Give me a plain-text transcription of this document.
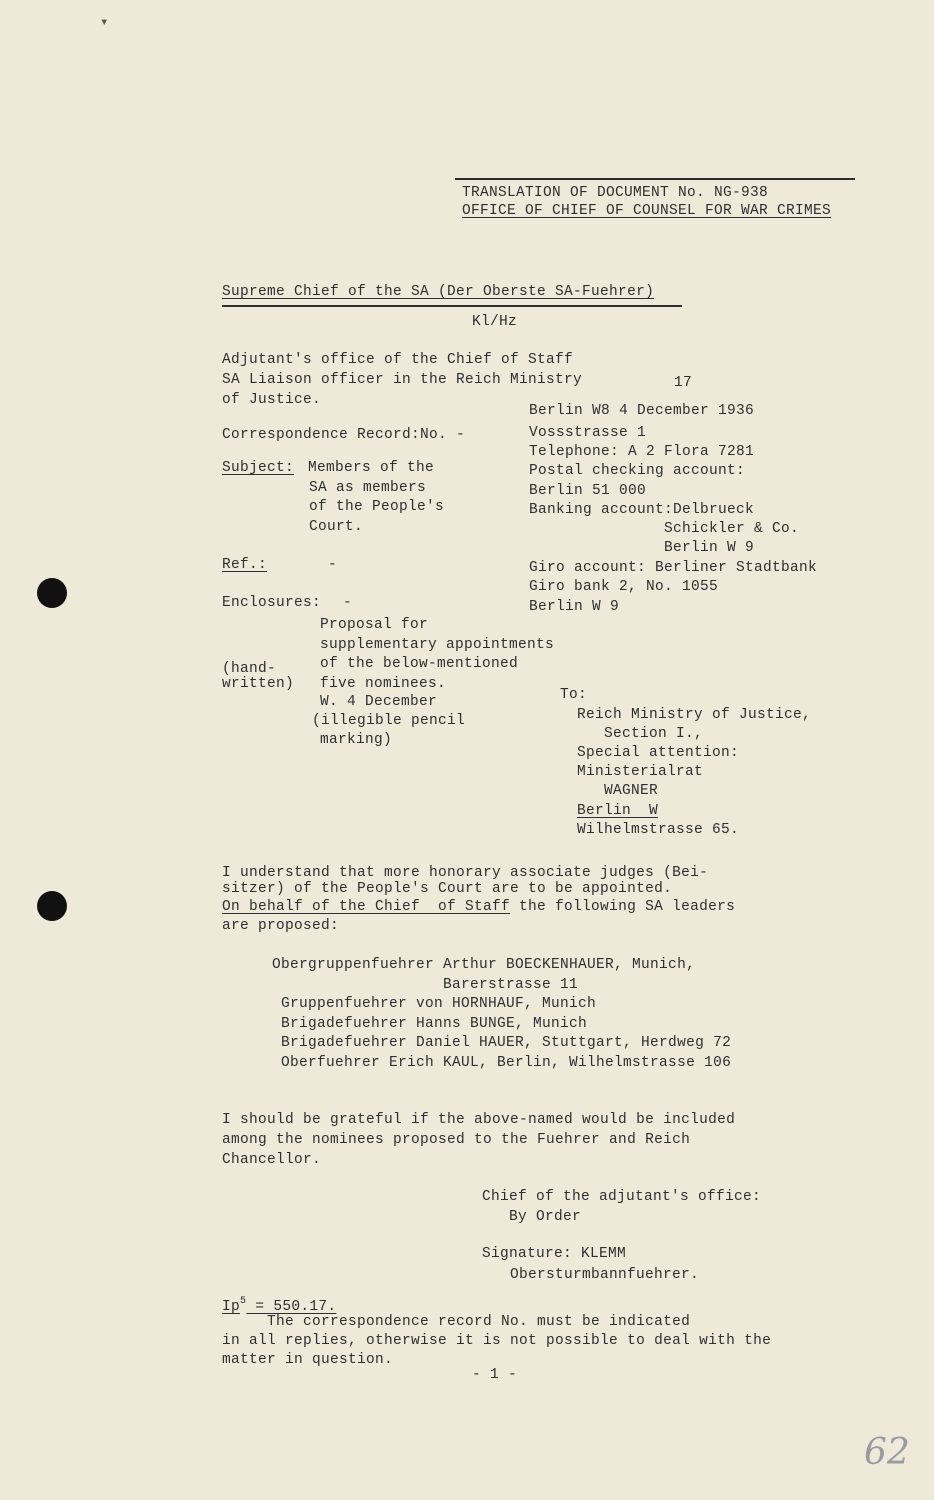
▾
TRANSLATION OF DOCUMENT No. NG-938
OFFICE OF CHIEF OF COUNSEL FOR WAR CRIMES
Supreme Chief of the SA (Der Oberste SA-Fuehrer)
Kl/Hz
Adjutant's office of the Chief of Staff
SA Liaison officer in the Reich Ministry
of Justice.
17
Berlin W8 4 December 1936
Vossstrasse 1
Telephone: A 2 Flora 7281
Postal checking account:
Berlin 51 000
Banking account:Delbrueck
Schickler & Co.
Berlin W 9
Giro account: Berliner Stadtbank
Giro bank 2, No. 1055
Berlin W 9
Correspondence Record:No. -
Subject: Members of the
SA as members
of the People's
Court.
Ref.:	-
Enclosures: -
Proposal for
supplementary appointments
of the below-mentioned
five nominees.
W. 4 December
(illegible pencil
marking)
(hand-
written)
To:
Reich Ministry of Justice,
Section I.,
Special attention:
Ministerialrat
WAGNER
Berlin  W
Wilhelmstrasse 65.
I understand that more honorary associate judges (Bei-
sitzer) of the People's Court are to be appointed.
On behalf of the Chief  of Staff the following SA leaders
are proposed:
Obergruppenfuehrer Arthur BOECKENHAUER, Munich,
Barerstrasse 11
Gruppenfuehrer von HORNHAUF, Munich
Brigadefuehrer Hanns BUNGE, Munich
Brigadefuehrer Daniel HAUER, Stuttgart, Herdweg 72
Oberfuehrer Erich KAUL, Berlin, Wilhelmstrasse 106
I should be grateful if the above-named would be included
among the nominees proposed to the Fuehrer and Reich
Chancellor.
Chief of the adjutant's office:
By Order
Signature: KLEMM
Obersturmbannfuehrer.
$Ip^5 = 550.17$.
The correspondence record No. must be indicated
in all replies, otherwise it is not possible to deal with the
matter in question.
- 1 -
62
